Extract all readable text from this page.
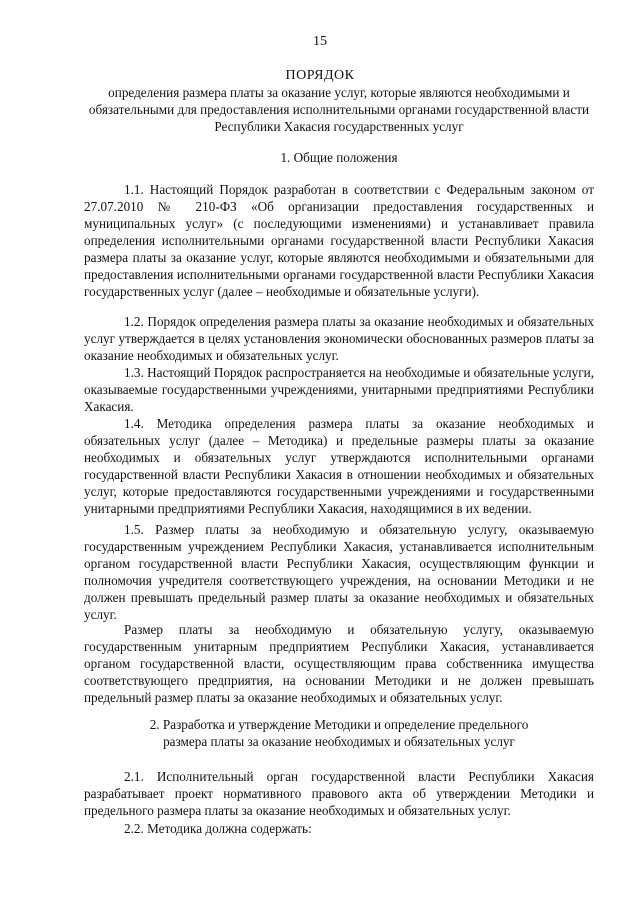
15
ПОРЯДОК
определения размера платы за оказание услуг, которые являются необходимыми и обязательными для предоставления исполнительными органами государственной власти Республики Хакасия государственных услуг
1. Общие положения

1.1. Настоящий Порядок разработан в соответствии с Федеральным законом от 27.07.2010 № 210-ФЗ «Об организации предоставления государственных и муниципальных услуг» (с последующими изменениями) и устанавливает правила определения исполнительными органами государственной власти Республики Хакасия размера платы за оказание услуг, которые являются необходимыми и обязательными для предоставления исполнительными органами государственной власти Республики Хакасия государственных услуг (далее – необходимые и обязательные услуги).

1.2. Порядок определения размера платы за оказание необходимых и обязательных услуг утверждается в целях установления экономически обоснованных размеров платы за оказание необходимых и обязательных услуг.

1.3. Настоящий Порядок распространяется на необходимые и обязательные услуги, оказываемые государственными учреждениями, унитарными предприятиями Республики Хакасия.

1.4. Методика определения размера платы за оказание необходимых и обязательных услуг (далее – Методика) и предельные размеры платы за оказание необходимых и обязательных услуг утверждаются исполнительными органами государственной власти Республики Хакасия в отношении необходимых и обязательных услуг, которые предоставляются государственными учреждениями и государственными унитарными предприятиями Республики Хакасия, находящимися в их ведении.

1.5. Размер платы за необходимую и обязательную услугу, оказываемую государственным учреждением Республики Хакасия, устанавливается исполнительным органом государственной власти Республики Хакасия, осуществляющим функции и полномочия учредителя соответствующего учреждения, на основании Методики и не должен превышать предельный размер платы за оказание необходимых и обязательных услуг.

Размер платы за необходимую и обязательную услугу, оказываемую государственным унитарным предприятием Республики Хакасия, устанавливается органом государственной власти, осуществляющим права собственника имущества соответствующего предприятия, на основании Методики и не должен превышать предельный размер платы за оказание необходимых и обязательных услуг.

2. Разработка и утверждение Методики и определение предельного
размера платы за оказание необходимых и обязательных услуг

2.1. Исполнительный орган государственной власти Республики Хакасия разрабатывает проект нормативного правового акта об утверждении Методики и предельного размера платы за оказание необходимых и обязательных услуг.

2.2. Методика должна содержать:
